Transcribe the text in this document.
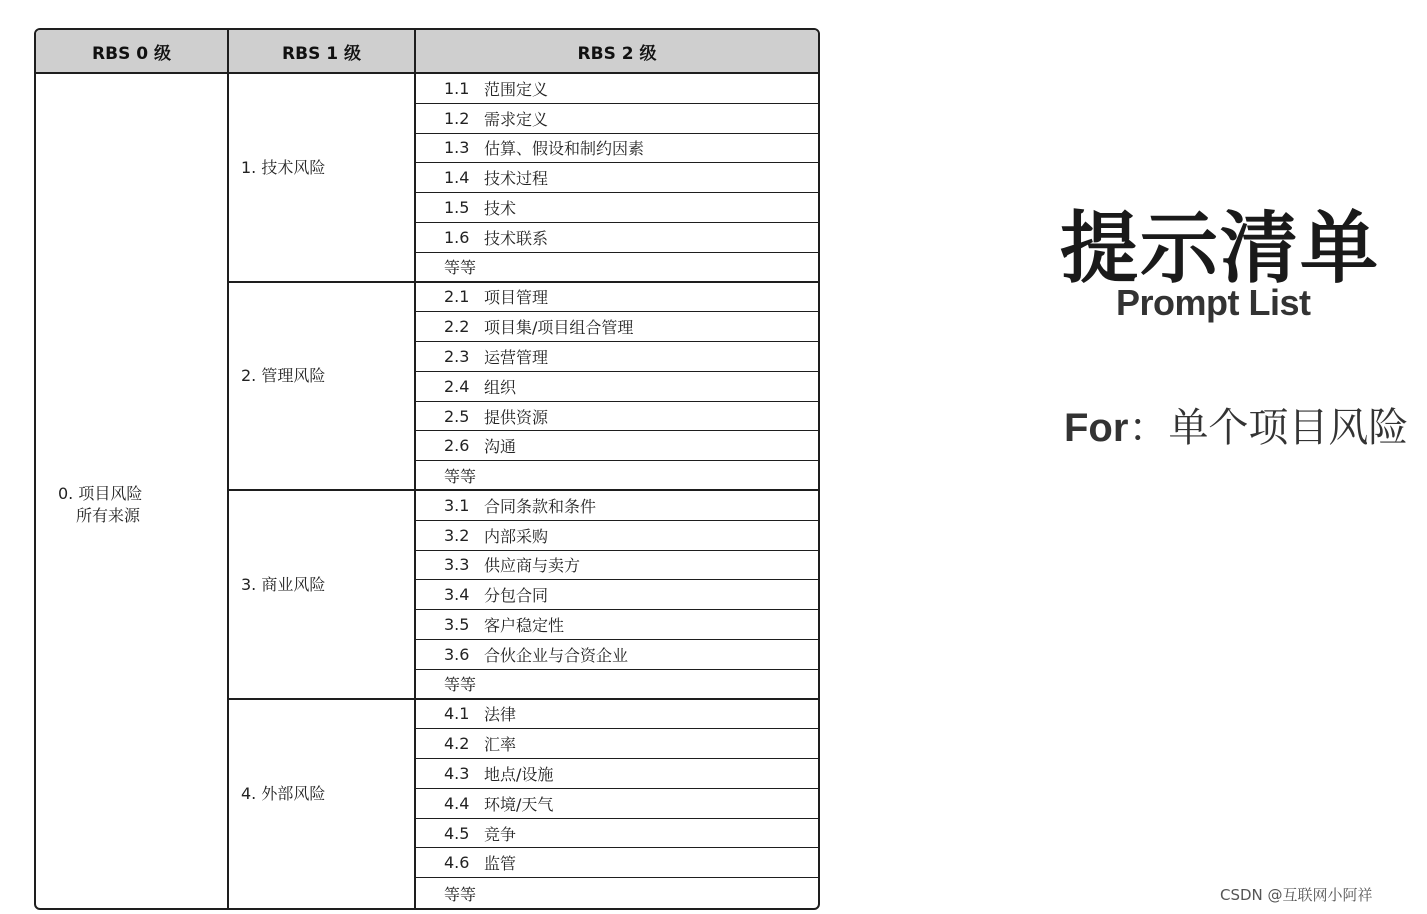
RBS 0 级	RBS 1 级	RBS 2 级
0. 项目风险
所有来源
1. 技术风险
1.1 范围定义
1.2 需求定义
1.3 估算、假设和制约因素
1.4 技术过程
1.5 技术
1.6 技术联系
等等
2. 管理风险
2.1 项目管理
2.2 项目集/项目组合管理
2.3 运营管理
2.4 组织
2.5 提供资源
2.6 沟通
等等
3. 商业风险
3.1 合同条款和条件
3.2 内部采购
3.3 供应商与卖方
3.4 分包合同
3.5 客户稳定性
3.6 合伙企业与合资企业
等等
4. 外部风险
4.1 法律
4.2 汇率
4.3 地点/设施
4.4 环境/天气
4.5 竞争
4.6 监管
等等
提示清单
Prompt List
For：单个项目风险
CSDN @互联网小阿祥
